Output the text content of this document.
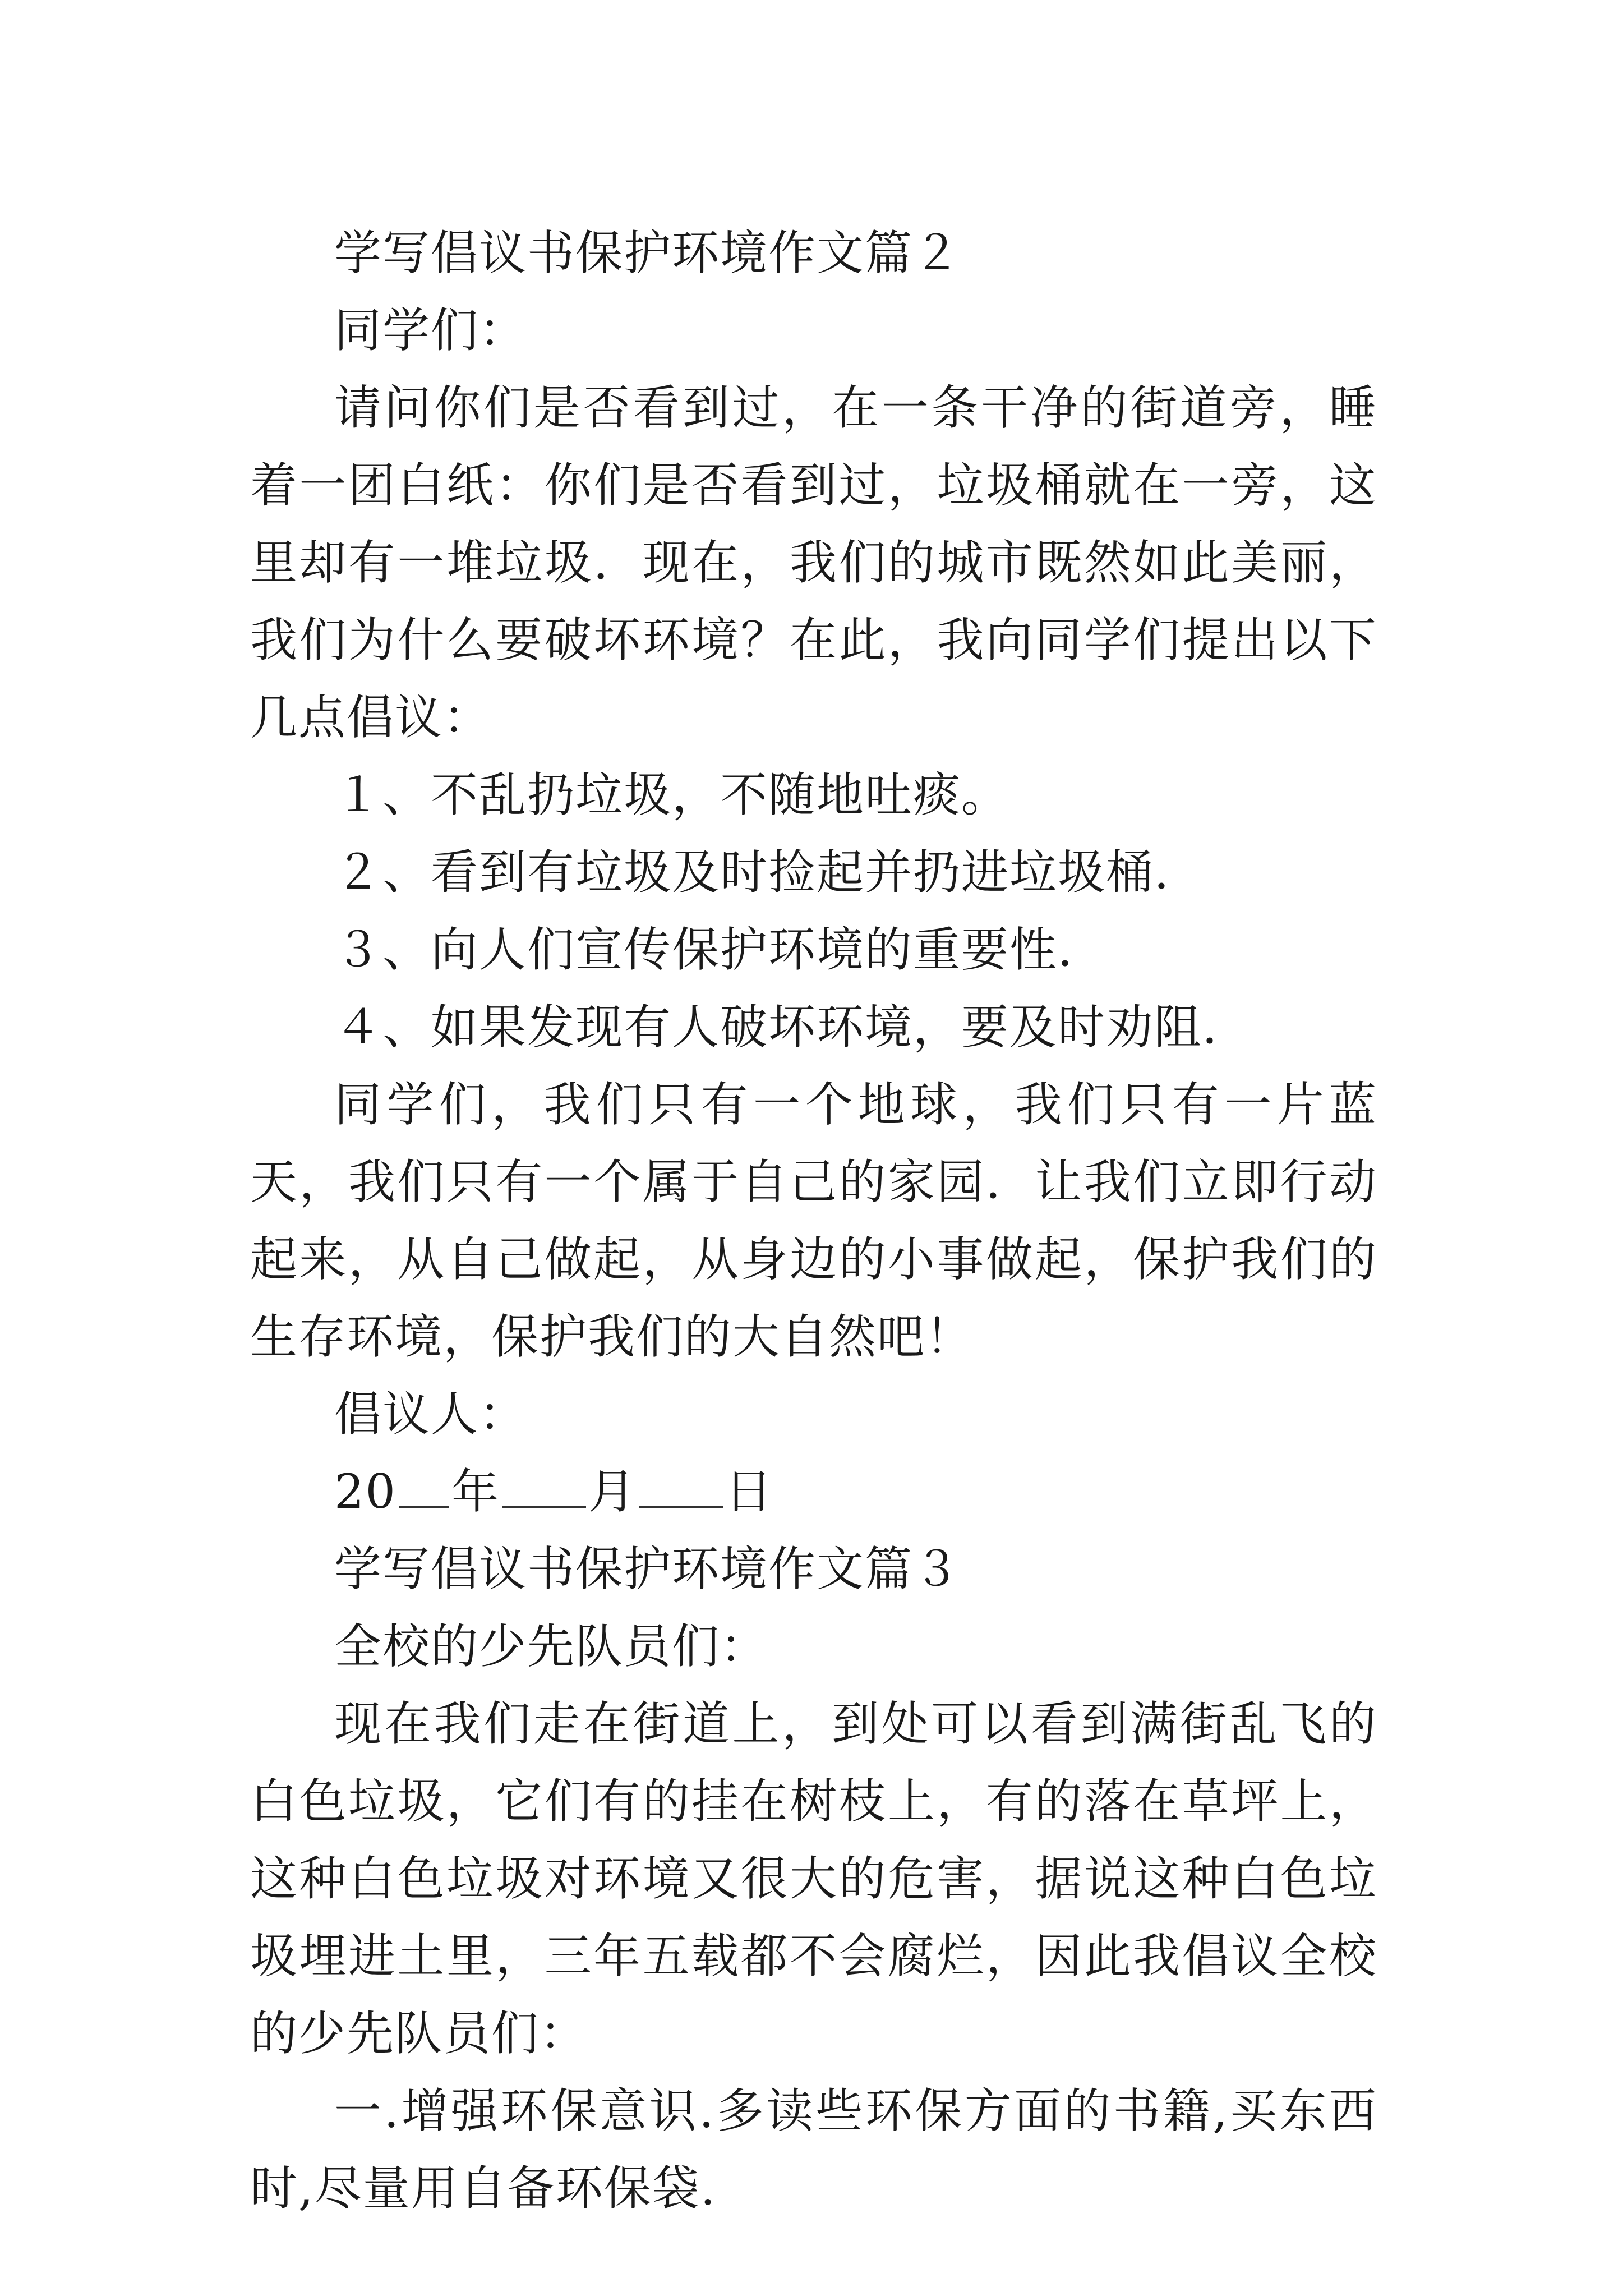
学写倡议书保护环境作文篇２

同学们：

请问你们是否看到过，在一条干净的街道旁，睡着一团白纸：你们是否看到过，垃圾桶就在一旁，这里却有一堆垃圾．现在，我们的城市既然如此美丽，我们为什么要破坏环境？在此，我向同学们提出以下几点倡议：

１、不乱扔垃圾，不随地吐痰。

２、看到有垃圾及时捡起并扔进垃圾桶．

３、向人们宣传保护环境的重要性．

４、如果发现有人破坏环境，要及时劝阻．

同学们，我们只有一个地球，我们只有一片蓝天，我们只有一个属于自己的家园．让我们立即行动起来，从自己做起，从身边的小事做起，保护我们的生存环境，保护我们的大自然吧！

倡议人：

20 年 月 日

学写倡议书保护环境作文篇３

全校的少先队员们：

现在我们走在街道上，到处可以看到满街乱飞的白色垃圾，它们有的挂在树枝上，有的落在草坪上，这种白色垃圾对环境又很大的危害，据说这种白色垃圾埋进土里，三年五载都不会腐烂，因此我倡议全校的少先队员们：

一.增强环保意识.多读些环保方面的书籍,买东西时,尽量用自备环保袋.
